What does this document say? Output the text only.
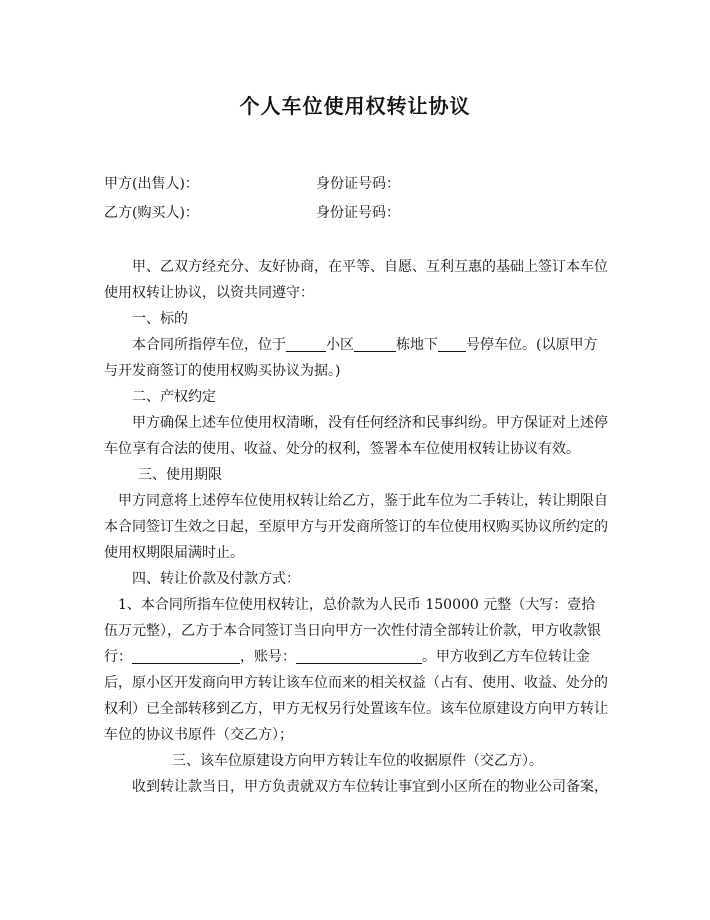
个人车位使用权转让协议
甲方(出售人)：	身份证号码：
乙方(购买人)：	身份证号码：

甲、乙双方经充分、友好协商，在平等、自愿、互利互惠的基础上签订本车位使用权转让协议，以资共同遵守：

一、标的

本合同所指停车位，位于	小区	栋地下 号停车位。(以原甲方与开发商签订的使用权购买协议为据。)

二、产权约定

甲方确保上述车位使用权清晰，没有任何经济和民事纠纷。甲方保证对上述停车位享有合法的使用、收益、处分的权利，签署本车位使用权转让协议有效。

三、使用期限

甲方同意将上述停车位使用权转让给乙方，鉴于此车位为二手转让，转让期限自本合同签订生效之日起，至原甲方与开发商所签订的车位使用权购买协议所约定的使用权期限届满时止。

四、转让价款及付款方式：

1、本合同所指车位使用权转让，总价款为人民币 150000 元整（大写：壹拾伍万元整），乙方于本合同签订当日向甲方一次性付清全部转让价款，甲方收款银行：	，账号：	。甲方收到乙方车位转让金后，原小区开发商向甲方转让该车位而来的相关权益（占有、使用、收益、处分的权利）已全部转移到乙方，甲方无权另行处置该车位。该车位原建设方向甲方转让车位的协议书原件（交乙方）；

三、该车位原建设方向甲方转让车位的收据原件（交乙方）。

收到转让款当日，甲方负责就双方车位转让事宜到小区所在的物业公司备案，
